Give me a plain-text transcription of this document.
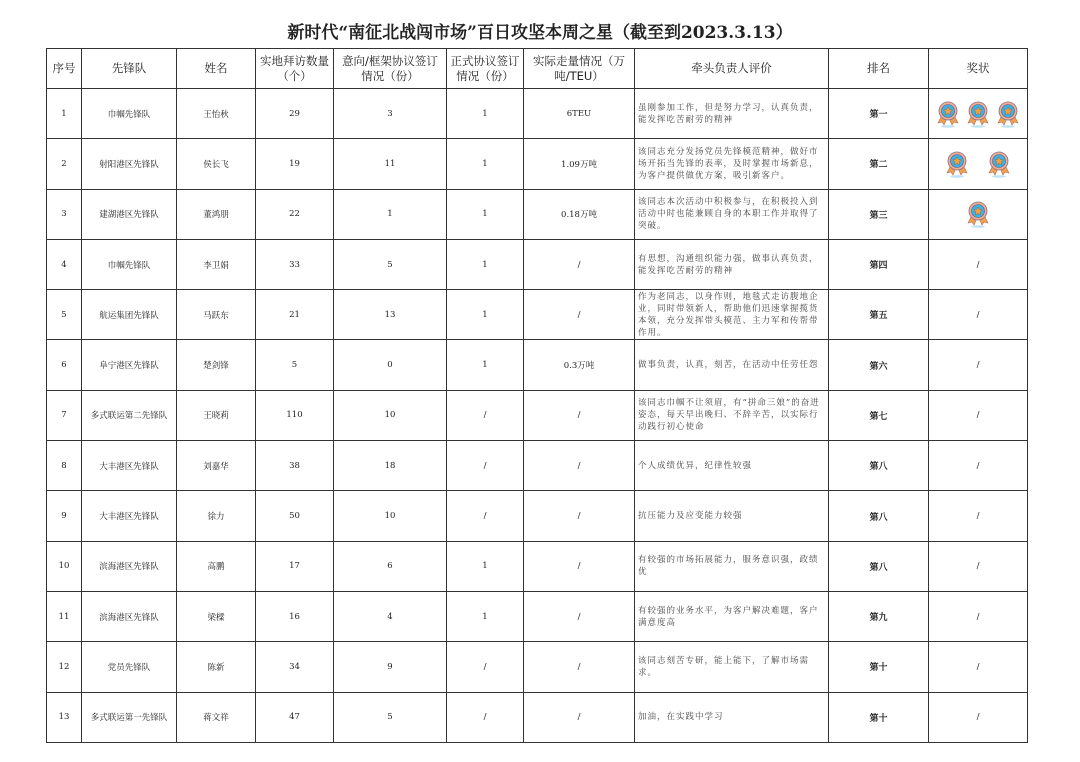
新时代“南征北战闯市场”百日攻坚本周之星（截至到2023.3.13）
序号	先锋队	姓名	实地拜访数量（个）	意向/框架协议签订情况（份）	正式协议签订情况（份）	实际走量情况（万吨/TEU）	牵头负责人评价	排名	奖状
1	巾帼先锋队	王怡秋	29	3	1	6TEU	虽刚参加工作，但是努力学习，认真负责，能发挥吃苦耐劳的精神	第一	
2	射阳港区先锋队	侯长飞	19	11	1	1.09万吨	该同志充分发扬党员先锋模范精神，做好市场开拓当先锋的表率，及时掌握市场新息，为客户提供做优方案，吸引新客户。	第二	
3	建湖港区先锋队	董鸿朋	22	1	1	0.18万吨	该同志本次活动中积极参与，在积极投入到活动中时也能兼顾自身的本职工作并取得了突破。	第三	
4	巾帼先锋队	李卫娟	33	5	1	/	有思想，沟通组织能力强，做事认真负责，能发挥吃苦耐劳的精神	第四	/
5	航运集团先锋队	马跃东	21	13	1	/	作为老同志，以身作则，地毯式走访腹地企业，同时带领新人，帮助他们迅速掌握揽货本领，充分发挥带头模范、主力军和传帮带作用。	第五	/
6	阜宁港区先锋队	楚剑锋	5	0	1	0.3万吨	做事负责，认真，刻苦，在活动中任劳任怨	第六	/
7	多式联运第二先锋队	王晓莉	110	10	/	/	该同志巾帼不让须眉，有“拼命三娘”的奋进姿态，每天早出晚归、不辞辛苦，以实际行动践行初心使命	第七	/
8	大丰港区先锋队	刘嘉华	38	18	/	/	个人成绩优异，纪律性较强	第八	/
9	大丰港区先锋队	徐力	50	10	/	/	抗压能力及应变能力较强	第八	/
10	滨海港区先锋队	高鹏	17	6	1	/	有较强的市场拓展能力，服务意识强，政绩优	第八	/
11	滨海港区先锋队	梁樑	16	4	1	/	有较强的业务水平，为客户解决难题，客户满意度高	第九	/
12	党员先锋队	陈新	34	9	/	/	该同志刻苦专研，能上能下，了解市场需求。	第十	/
13	多式联运第一先锋队	蒋文祥	47	5	/	/	加油，在实践中学习	第十	/
